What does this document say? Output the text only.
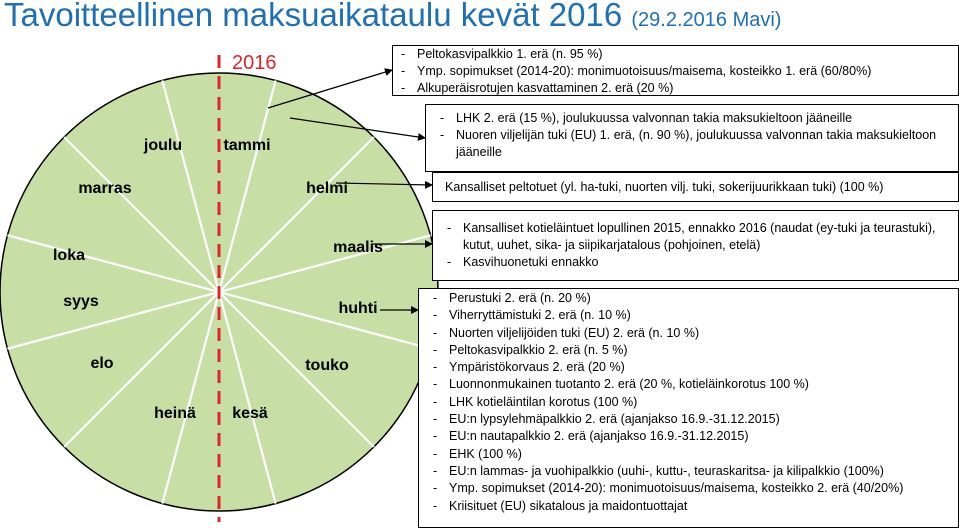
Tavoitteellinen maksuaikataulu kevät 2016 (29.2.2016 Mavi)
joulu	tammi
helmi
maalis
huhti
touko
kesä
heinä
elo
syys
loka
marras
2016
-	Peltokasvipalkkio 1. erä (n. 95 %)
- Ymp. sopimukset (2014-20): monimuotoisuus/maisema, kosteikko 1. erä (60/80%)
- Alkuperäisrotujen kasvattaminen 2. erä (20 %)
- LHK 2. erä (15 %), joulukuussa valvonnan takia maksukieltoon jääneille
- Nuoren viljelijän tuki (EU) 1. erä, (n. 90 %), joulukuussa valvonnan takia maksukieltoon jääneille

Kansalliset peltotuet (yl. ha-tuki, nuorten vilj. tuki, sokerijuurikkaan tuki) (100 %)

- Kansalliset kotieläintuet lopullinen 2015, ennakko 2016 (naudat (ey-tuki ja teurastuki), kutut, uuhet, sika- ja siipikarjatalous (pohjoinen, etelä)
- Kasvihuonetuki ennakko
- Perustuki 2. erä (n. 20 %)
- Viherryttämistuki 2. erä (n. 10 %)
- Nuorten viljelijöiden tuki (EU) 2. erä (n. 10 %)
- Peltokasvipalkkio 2. erä (n. 5 %)
- Ympäristökorvaus 2. erä (20 %)
- Luonnonmukainen tuotanto 2. erä (20 %, kotieläinkorotus 100 %)
- LHK kotieläintilan korotus (100 %)
- EU:n lypsylehmäpalkkio 2. erä (ajanjakso 16.9.-31.12.2015)
- EU:n nautapalkkio 2. erä (ajanjakso 16.9.-31.12.2015)
- EHK (100 %)
- EU:n lammas- ja vuohipalkkio (uuhi-, kuttu-, teuraskaritsa- ja kilipalkkio (100%)
- Ymp. sopimukset (2014-20): monimuotoisuus/maisema, kosteikko 2. erä (40/20%)
- Kriisituet (EU) sikatalous ja maidontuottajat
